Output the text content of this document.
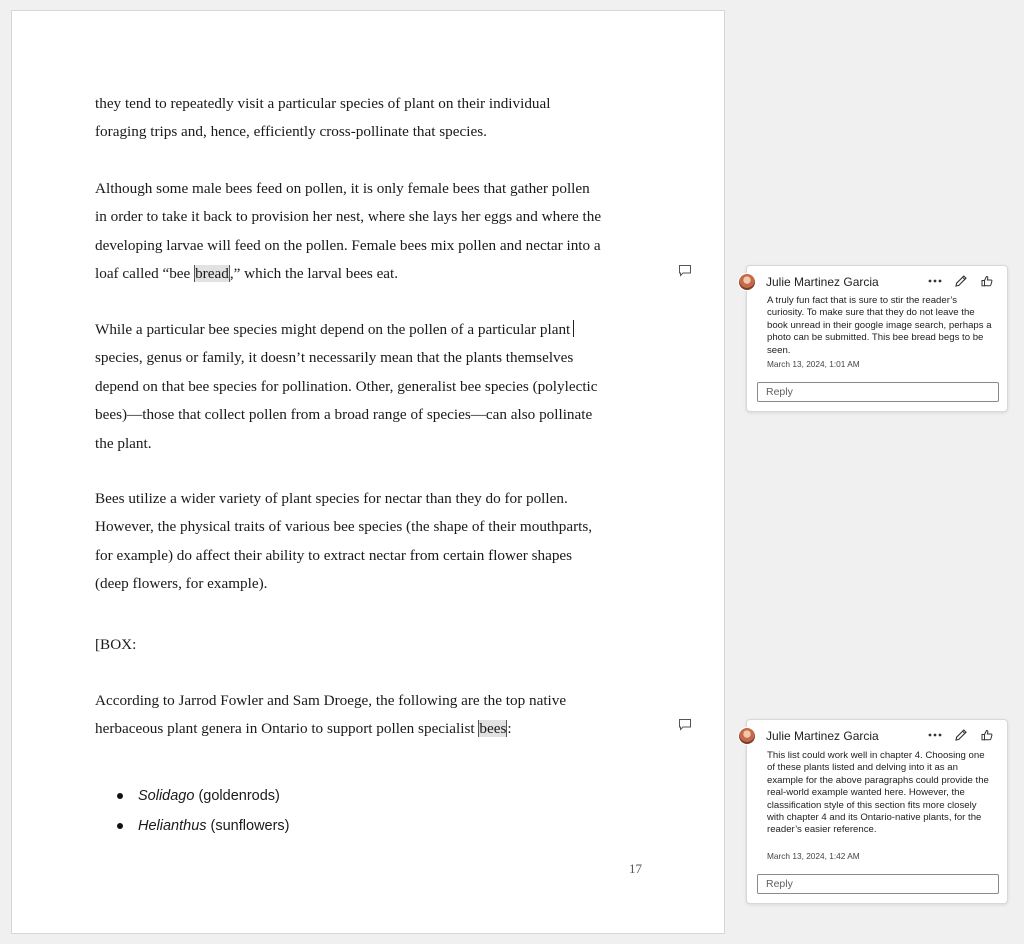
they tend to repeatedly visit a particular species of plant on their individual

foraging trips and, hence, efficiently cross-pollinate that species.

Although some male bees feed on pollen, it is only female bees that gather pollen

in order to take it back to provision her nest, where she lays her eggs and where the

developing larvae will feed on the pollen. Female bees mix pollen and nectar into a

loaf called “bee bread,” which the larval bees eat.

While a particular bee species might depend on the pollen of a particular plant

species, genus or family, it doesn’t necessarily mean that the plants themselves

depend on that bee species for pollination. Other, generalist bee species (polylectic

bees)—those that collect pollen from a broad range of species—can also pollinate

the plant.

Bees utilize a wider variety of plant species for nectar than they do for pollen.

However, the physical traits of various bee species (the shape of their mouthparts,

for example) do affect their ability to extract nectar from certain flower shapes

(deep flowers, for example).

[BOX:

According to Jarrod Fowler and Sam Droege, the following are the top native

herbaceous plant genera in Ontario to support pollen specialist bees:

Solidago (goldenrods)
Helianthus (sunflowers)
17
Julie Martinez Garcia
A truly fun fact that is sure to stir the reader’s curiosity. To make sure that they do not leave the book unread in their google image search, perhaps a photo can be submitted. This bee bread begs to be seen.
March 13, 2024, 1:01 AM
Reply
Julie Martinez Garcia
This list could work well in chapter 4. Choosing one of these plants listed and delving into it as an example for the above paragraphs could provide the real-world example wanted here. However, the classification style of this section fits more closely with chapter 4 and its Ontario-native plants, for the reader’s easier reference.
March 13, 2024, 1:42 AM
Reply
